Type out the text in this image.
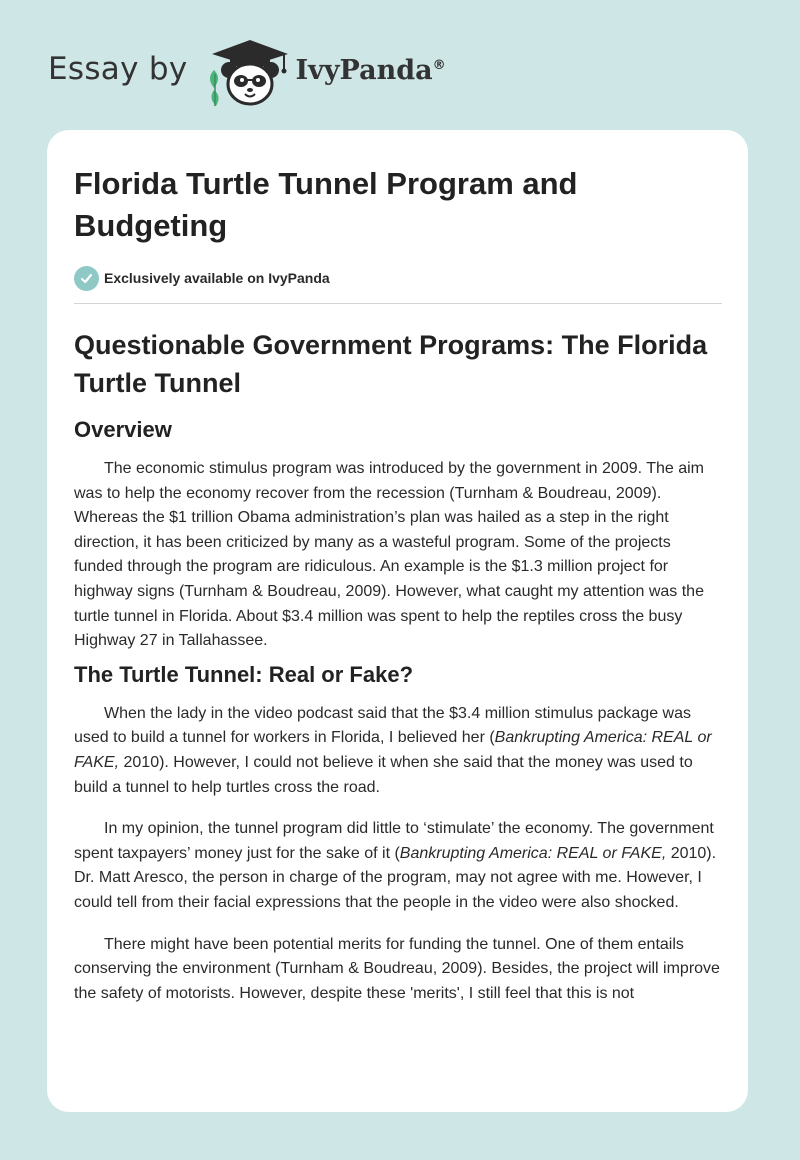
Essay by	IvyPanda®
Florida Turtle Tunnel Program and Budgeting
Exclusively available on IvyPanda
Questionable Government Programs: The Florida Turtle Tunnel
Overview

The economic stimulus program was introduced by the government in 2009. The aim was to help the economy recover from the recession (Turnham & Boudreau, 2009). Whereas the $1 trillion Obama administration’s plan was hailed as a step in the right direction, it has been criticized by many as a wasteful program. Some of the projects funded through the program are ridiculous. An example is the $1.3 million project for highway signs (Turnham & Boudreau, 2009). However, what caught my attention was the turtle tunnel in Florida. About $3.4 million was spent to help the reptiles cross the busy Highway 27 in Tallahassee.

The Turtle Tunnel: Real or Fake?

When the lady in the video podcast said that the $3.4 million stimulus package was used to build a tunnel for workers in Florida, I believed her (Bankrupting America: REAL or FAKE, 2010). However, I could not believe it when she said that the money was used to build a tunnel to help turtles cross the road.

In my opinion, the tunnel program did little to ‘stimulate’ the economy. The government spent taxpayers’ money just for the sake of it (Bankrupting America: REAL or FAKE, 2010). Dr. Matt Aresco, the person in charge of the program, may not agree with me. However, I could tell from their facial expressions that the people in the video were also shocked.

There might have been potential merits for funding the tunnel. One of them entails conserving the environment (Turnham & Boudreau, 2009). Besides, the project will improve the safety of motorists. However, despite these 'merits', I still feel that this is not
